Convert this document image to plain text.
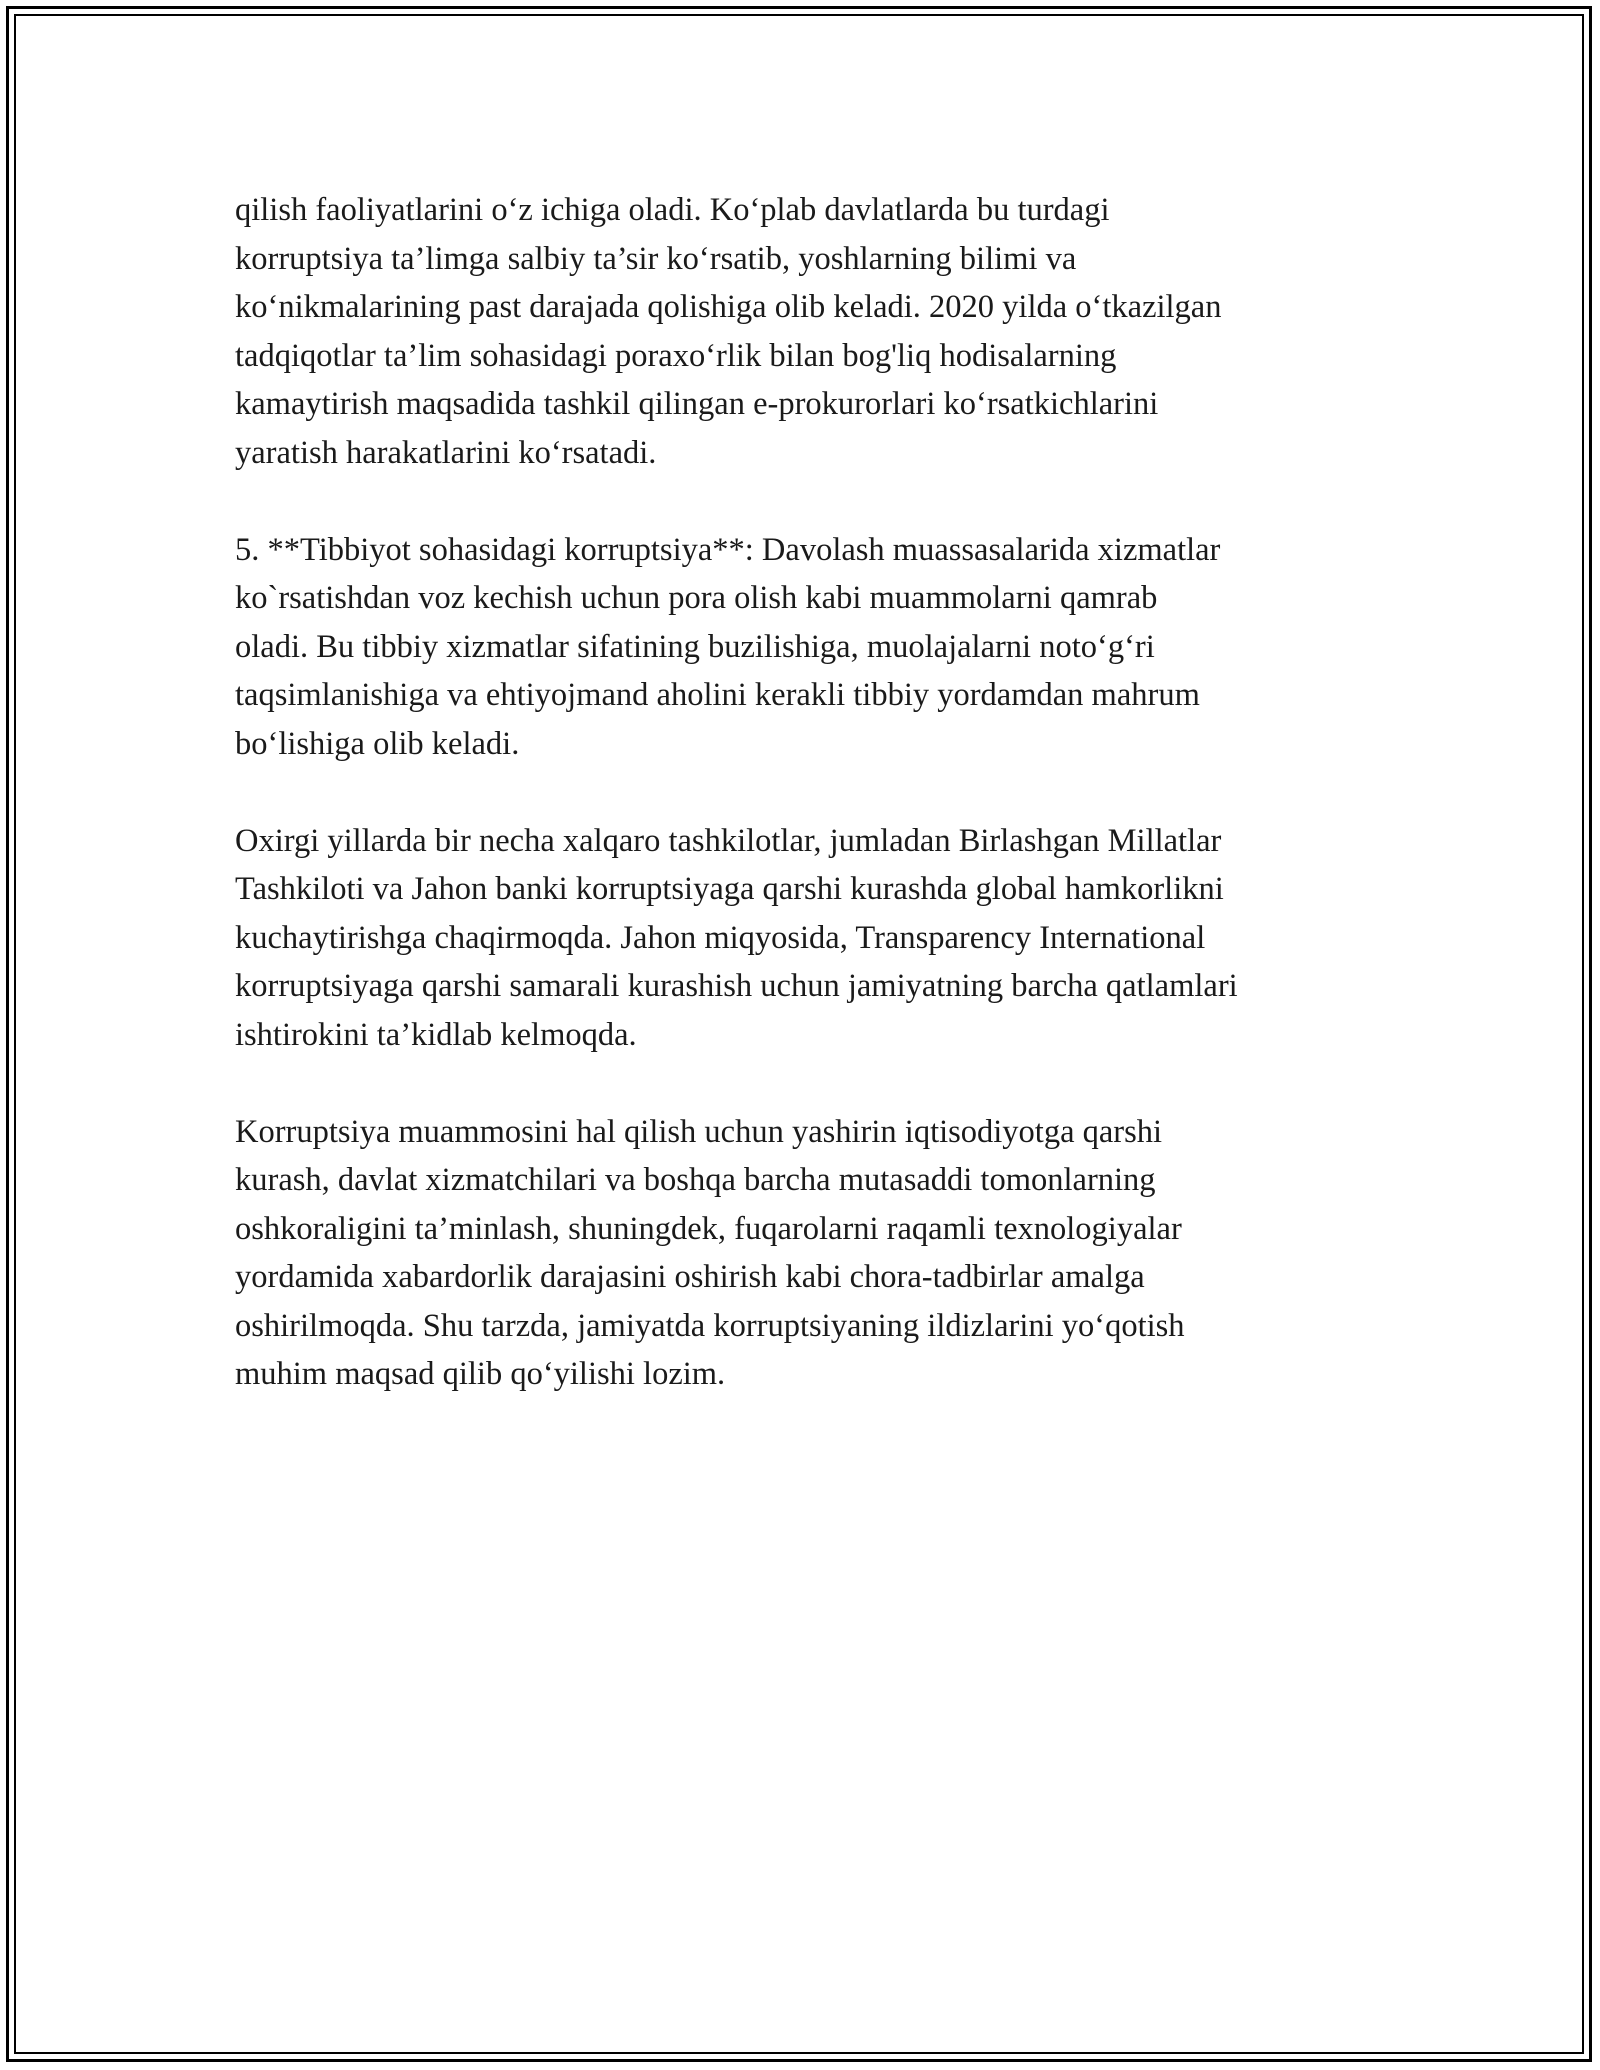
qilish faoliyatlarini o‘z ichiga oladi. Ko‘plab davlatlarda bu turdagi
korruptsiya ta’limga salbiy ta’sir ko‘rsatib, yoshlarning bilimi va
ko‘nikmalarining past darajada qolishiga olib keladi. 2020 yilda o‘tkazilgan
tadqiqotlar ta’lim sohasidagi poraxo‘rlik bilan bog'liq hodisalarning
kamaytirish maqsadida tashkil qilingan e-prokurorlari ko‘rsatkichlarini
yaratish harakatlarini ko‘rsatadi.
5. **Tibbiyot sohasidagi korruptsiya**: Davolash muassasalarida xizmatlar
ko`rsatishdan voz kechish uchun pora olish kabi muammolarni qamrab
oladi. Bu tibbiy xizmatlar sifatining buzilishiga, muolajalarni noto‘g‘ri
taqsimlanishiga va ehtiyojmand aholini kerakli tibbiy yordamdan mahrum
bo‘lishiga olib keladi.
Oxirgi yillarda bir necha xalqaro tashkilotlar, jumladan Birlashgan Millatlar
Tashkiloti va Jahon banki korruptsiyaga qarshi kurashda global hamkorlikni
kuchaytirishga chaqirmoqda. Jahon miqyosida, Transparency International
korruptsiyaga qarshi samarali kurashish uchun jamiyatning barcha qatlamlari
ishtirokini ta’kidlab kelmoqda.
Korruptsiya muammosini hal qilish uchun yashirin iqtisodiyotga qarshi
kurash, davlat xizmatchilari va boshqa barcha mutasaddi tomonlarning
oshkoraligini ta’minlash, shuningdek, fuqarolarni raqamli texnologiyalar
yordamida xabardorlik darajasini oshirish kabi chora-tadbirlar amalga
oshirilmoqda. Shu tarzda, jamiyatda korruptsiyaning ildizlarini yo‘qotish
muhim maqsad qilib qo‘yilishi lozim.
